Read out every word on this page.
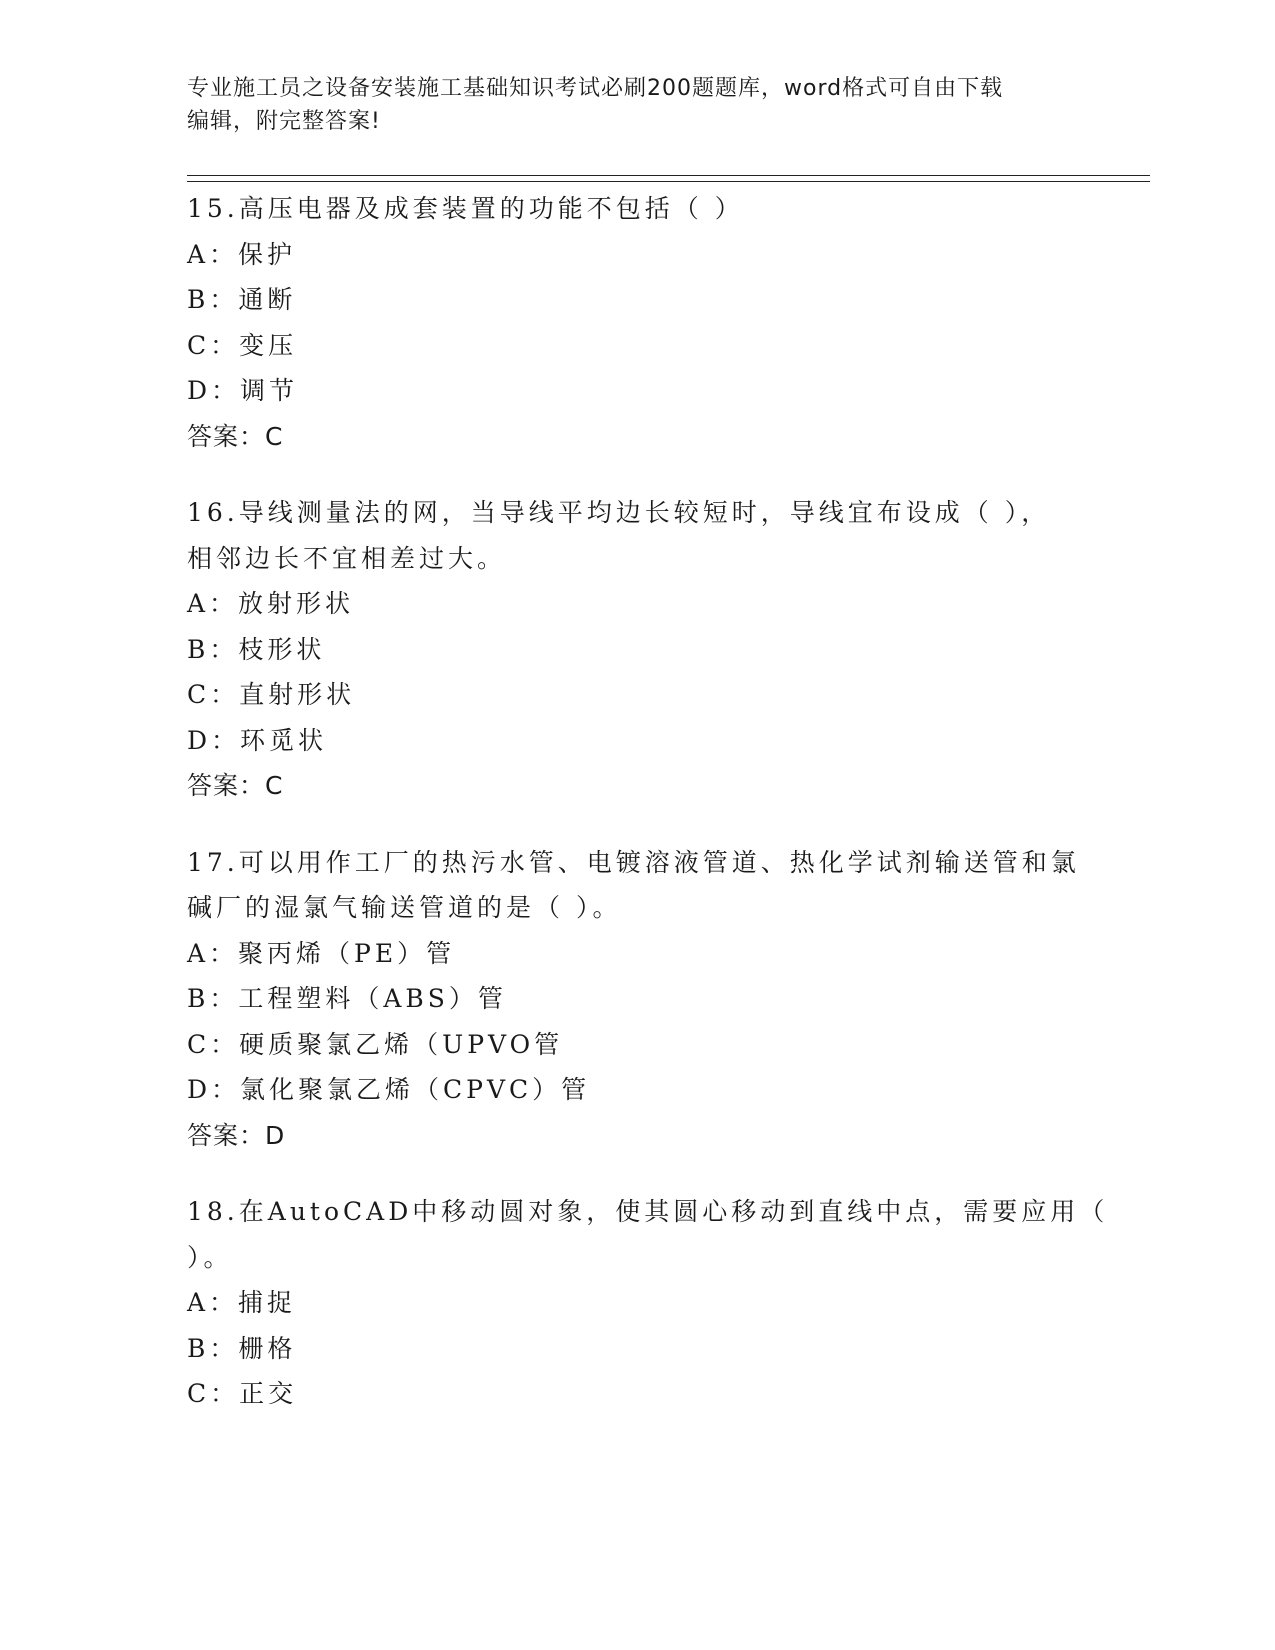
专业施工员之设备安装施工基础知识考试必刷200题题库，word格式可自由下载
编辑，附完整答案!
15.高压电器及成套装置的功能不包括（ ）
A：保护
B：通断
C：变压
D：调节
答案：C
16.导线测量法的网，当导线平均边长较短时，导线宜布设成（ ），
相邻边长不宜相差过大。
A：放射形状
B：枝形状
C：直射形状
D：环觅状
答案：C
17.可以用作工厂的热污水管、电镀溶液管道、热化学试剂输送管和氯
碱厂的湿氯气输送管道的是（ ）。
A：聚丙烯（PE）管
B：工程塑料（ABS）管
C：硬质聚氯乙烯（UPVO管
D：氯化聚氯乙烯（CPVC）管
答案：D
18.在AutoCAD中移动圆对象，使其圆心移动到直线中点，需要应用（
）。
A：捕捉
B：栅格
C：正交
